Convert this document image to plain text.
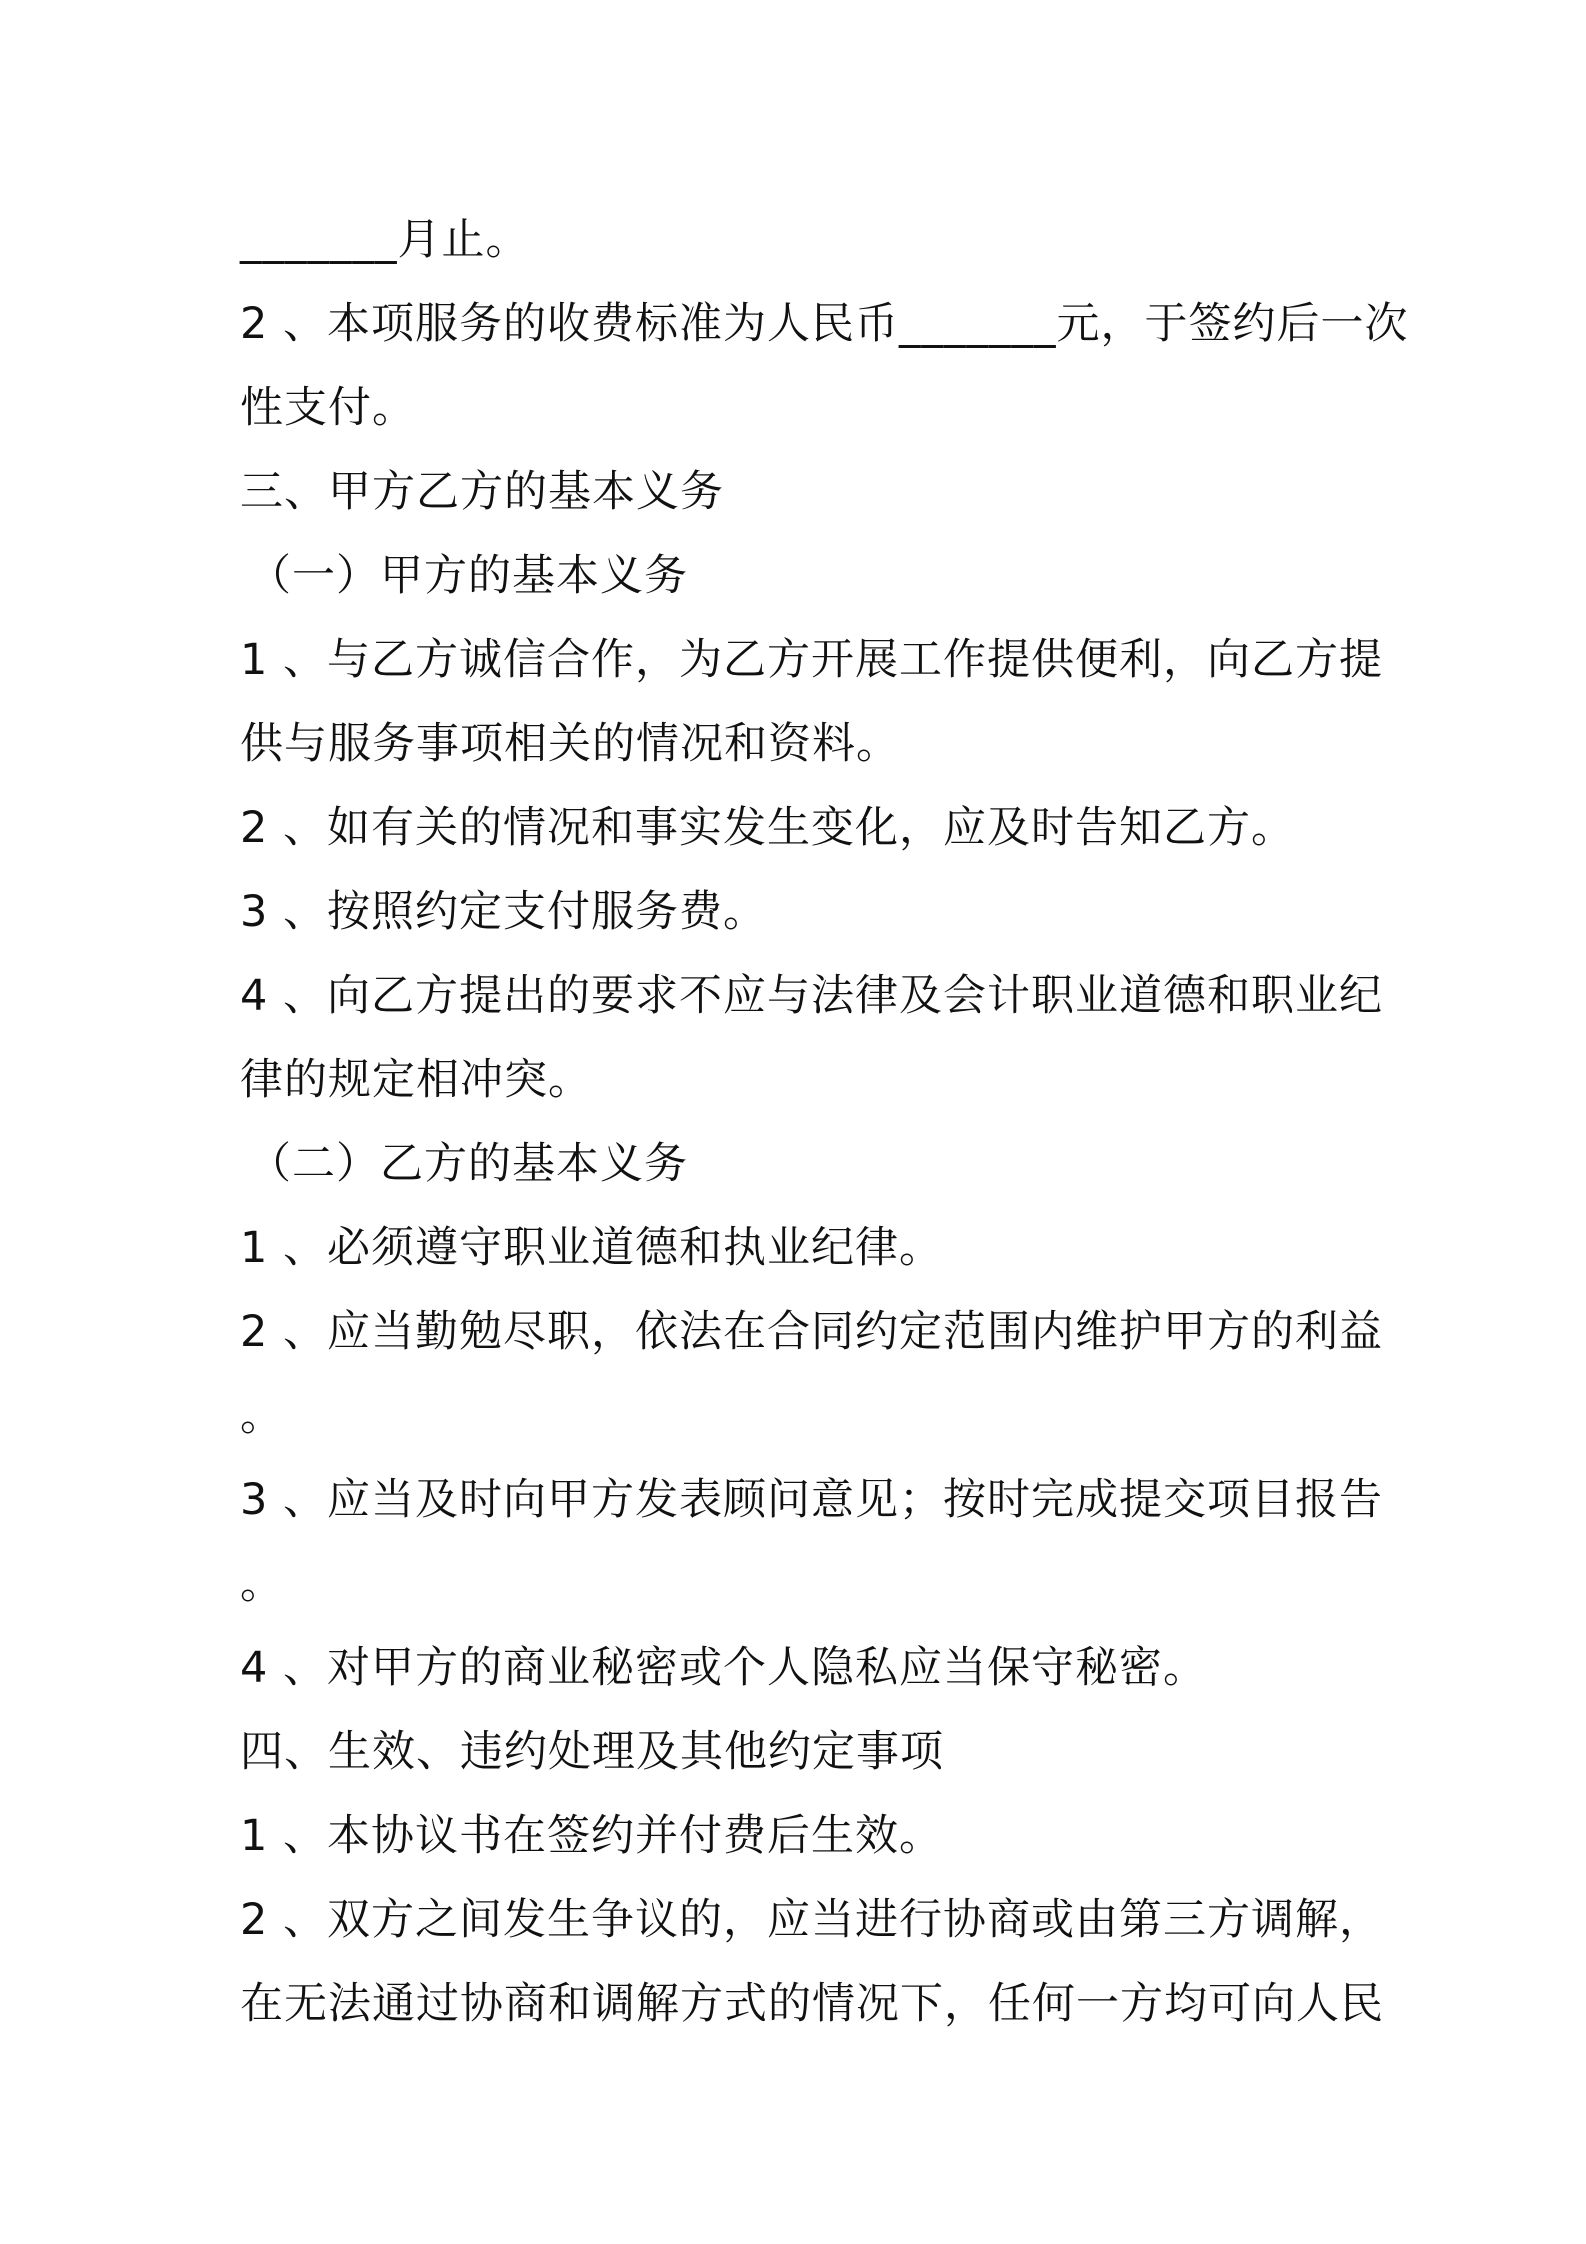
_______月止。
2 、本项服务的收费标准为人民币_______元，于签约后一次
性支付。
三、甲方乙方的基本义务
（一）甲方的基本义务
1 、与乙方诚信合作，为乙方开展工作提供便利，向乙方提
供与服务事项相关的情况和资料。
2 、如有关的情况和事实发生变化，应及时告知乙方。
3 、按照约定支付服务费。
4 、向乙方提出的要求不应与法律及会计职业道德和职业纪
律的规定相冲突。
（二）乙方的基本义务
1 、必须遵守职业道德和执业纪律。
2 、应当勤勉尽职，依法在合同约定范围内维护甲方的利益
。
3 、应当及时向甲方发表顾问意见；按时完成提交项目报告
。
4 、对甲方的商业秘密或个人隐私应当保守秘密。
四、生效、违约处理及其他约定事项
1 、本协议书在签约并付费后生效。
2 、双方之间发生争议的，应当进行协商或由第三方调解，
在无法通过协商和调解方式的情况下，任何一方均可向人民
